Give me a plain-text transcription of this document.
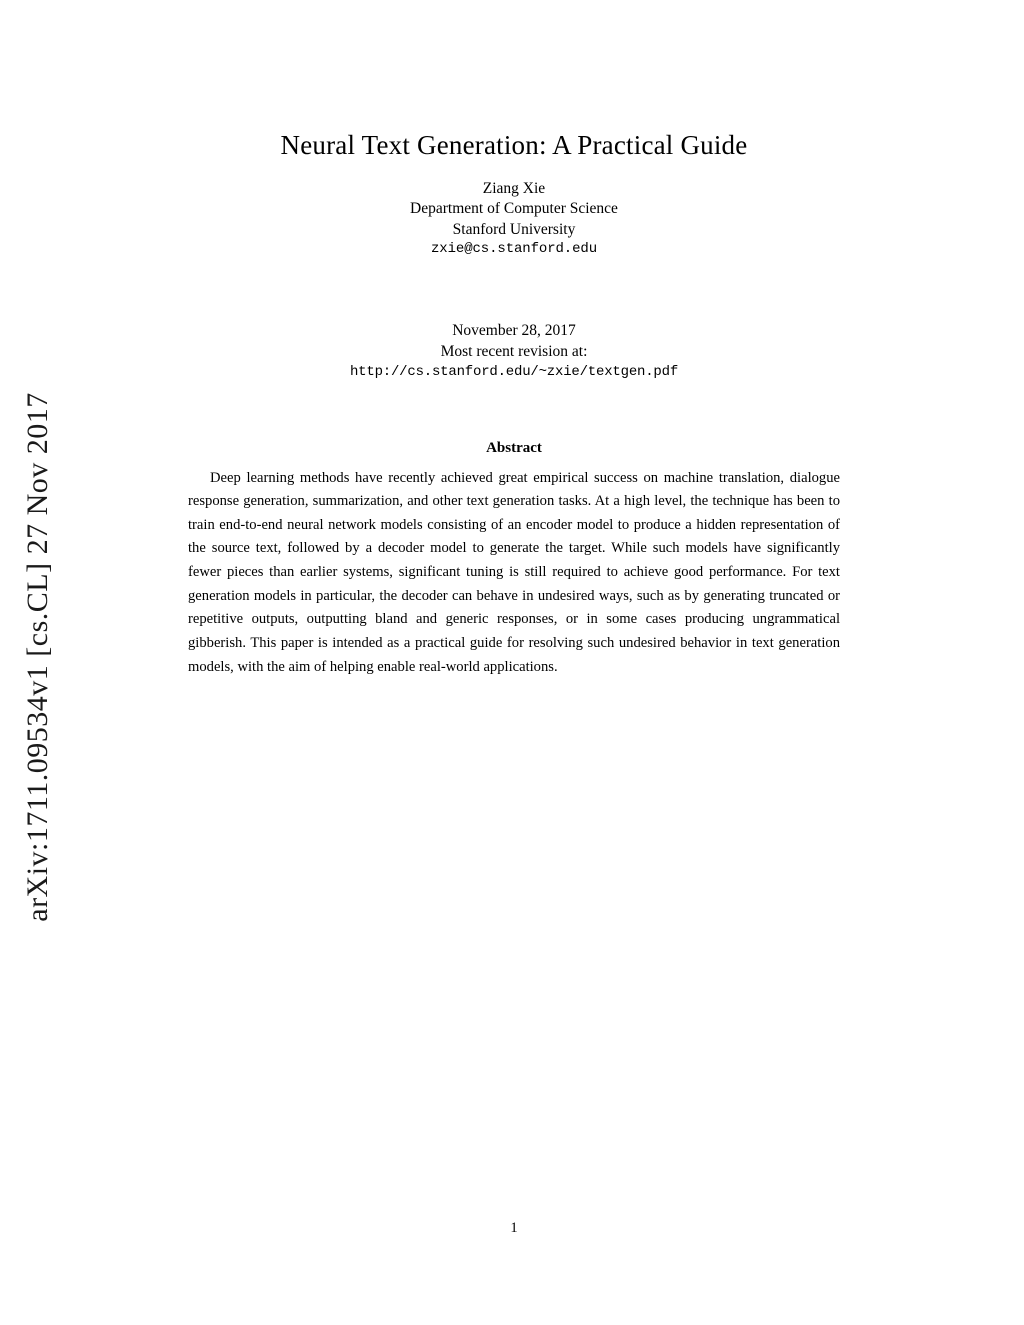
arXiv:1711.09534v1 [cs.CL] 27 Nov 2017
Neural Text Generation: A Practical Guide
Ziang Xie
Department of Computer Science
Stanford University
zxie@cs.stanford.edu
November 28, 2017
Most recent revision at:
http://cs.stanford.edu/~zxie/textgen.pdf
Abstract
Deep learning methods have recently achieved great empirical success on machine translation, dialogue response generation, summarization, and other text generation tasks. At a high level, the technique has been to train end-to-end neural network models consisting of an encoder model to produce a hidden representation of the source text, followed by a decoder model to generate the target. While such models have significantly fewer pieces than earlier systems, significant tuning is still required to achieve good performance. For text generation models in particular, the decoder can behave in undesired ways, such as by generating truncated or repetitive outputs, outputting bland and generic responses, or in some cases producing ungrammatical gibberish. This paper is intended as a practical guide for resolving such undesired behavior in text generation models, with the aim of helping enable real-world applications.
1
